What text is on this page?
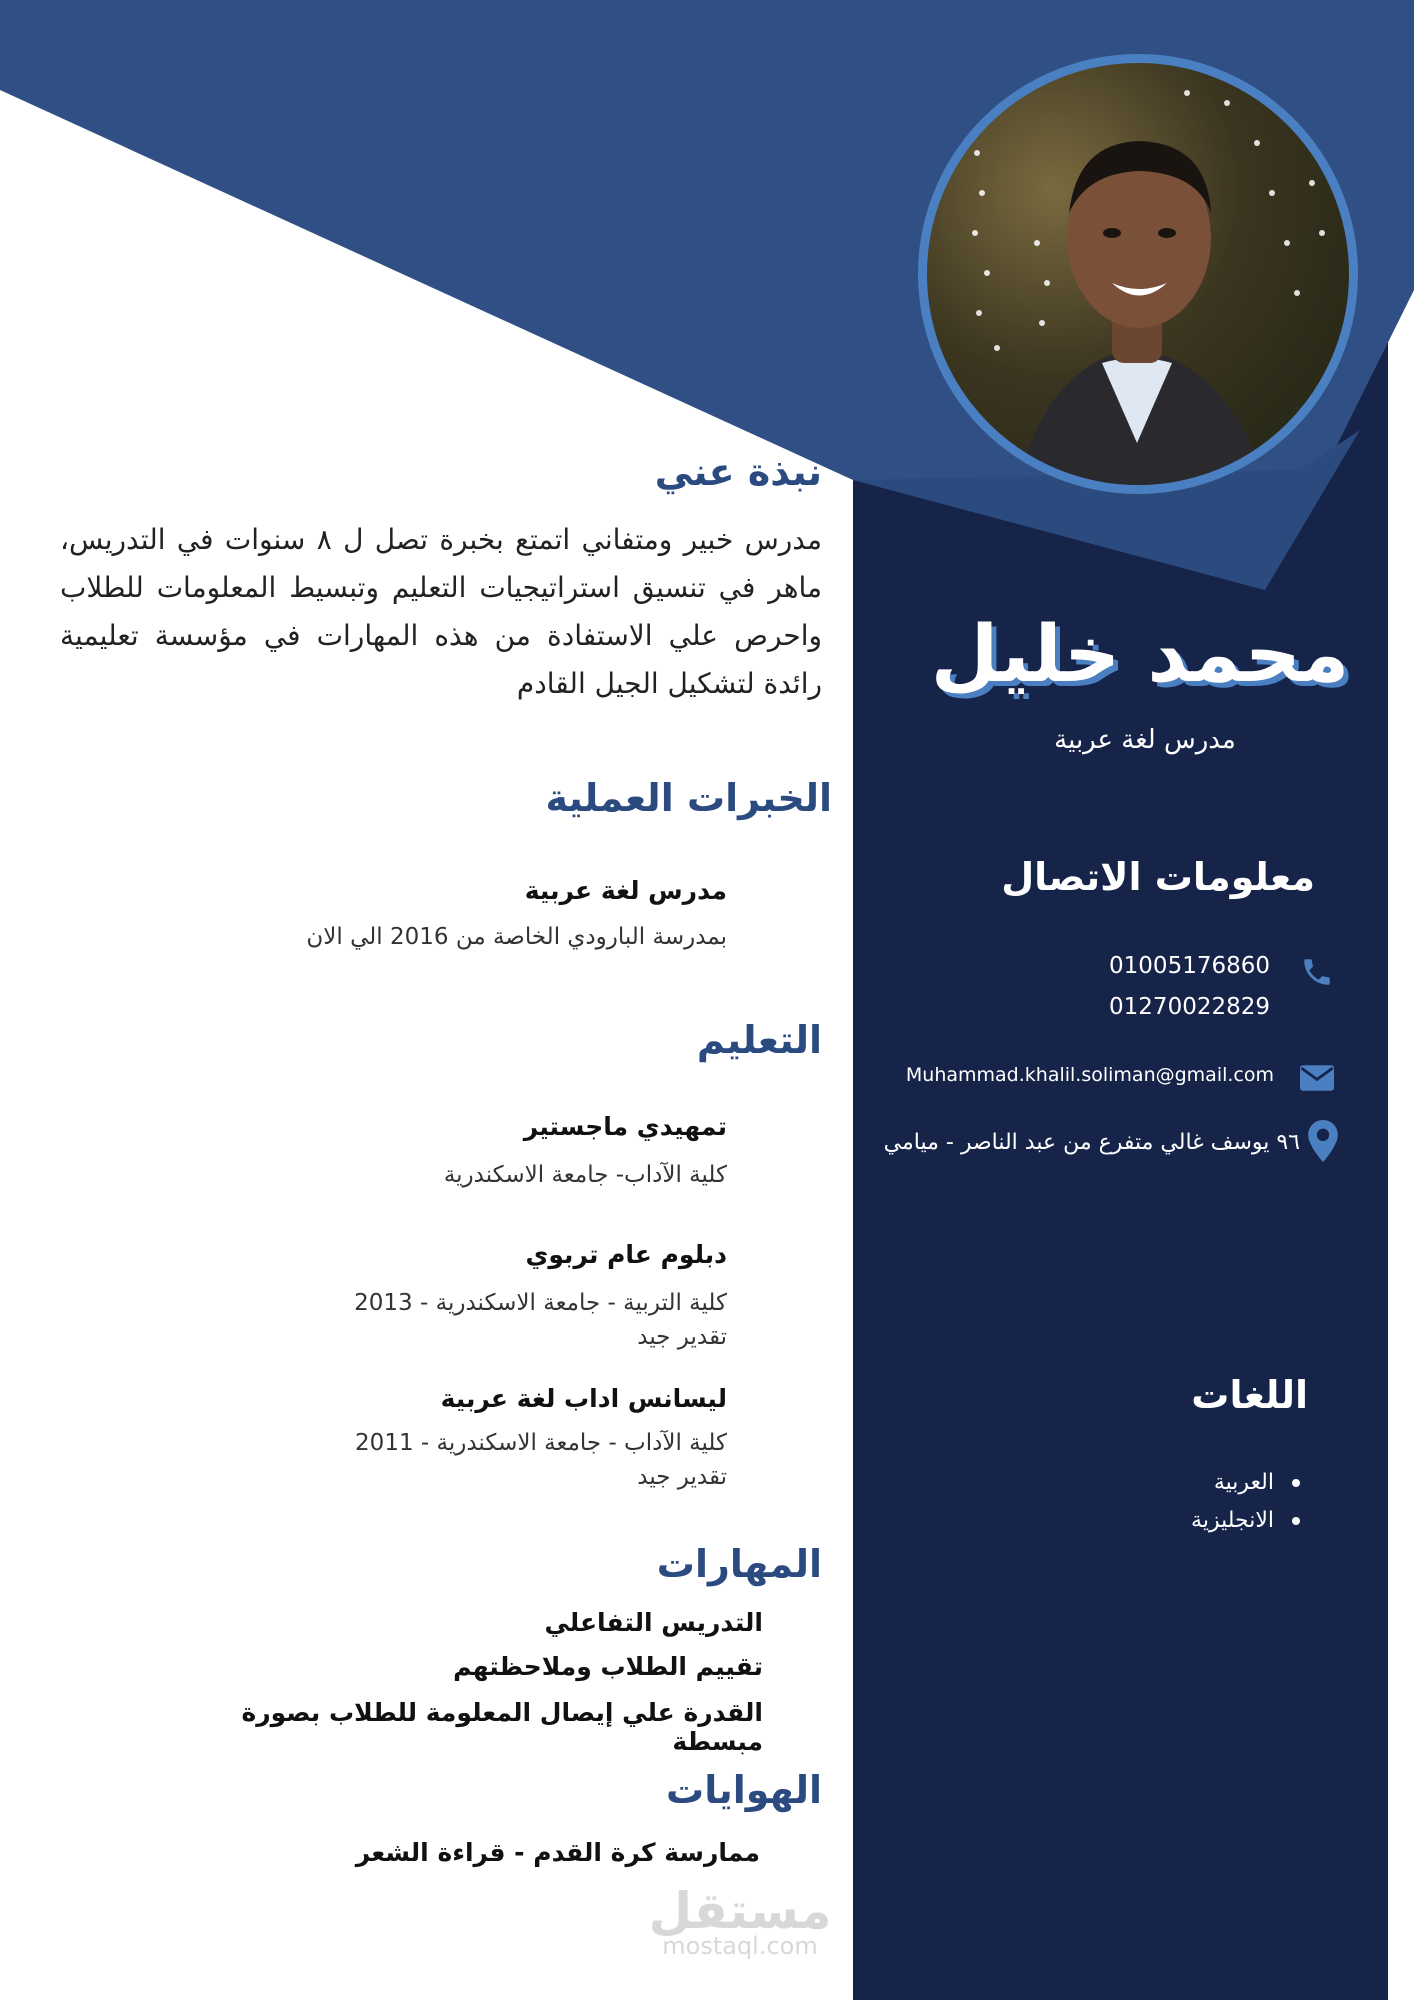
محمد خليل
مدرس لغة عربية
معلومات الاتصال
01005176860
01270022829
Muhammad.khalil.soliman@gmail.com
٩٦ يوسف غالي متفرع من عبد الناصر - ميامي
اللغات
العربية
الانجليزية
نبذة عني
مدرس خبير ومتفاني اتمتع بخبرة تصل ل ٨ سنوات في التدريس، ماهر في تنسيق استراتيجيات التعليم وتبسيط المعلومات للطلاب واحرص علي الاستفادة من هذه المهارات في مؤسسة تعليمية رائدة لتشكيل الجيل القادم
الخبرات العملية
مدرس لغة عربية
بمدرسة البارودي الخاصة من 2016 الي الان
التعليم
تمهيدي ماجستير
كلية الآداب- جامعة الاسكندرية
دبلوم عام تربوي
كلية التربية - جامعة الاسكندرية - 2013
تقدير جيد
ليسانس اداب لغة عربية
كلية الآداب - جامعة الاسكندرية - 2011
تقدير جيد
المهارات
التدريس التفاعلي
تقييم الطلاب وملاحظتهم
القدرة علي إيصال المعلومة للطلاب بصورة مبسطة
الهوايات
ممارسة كرة القدم - قراءة الشعر
مستقل
mostaql.com
